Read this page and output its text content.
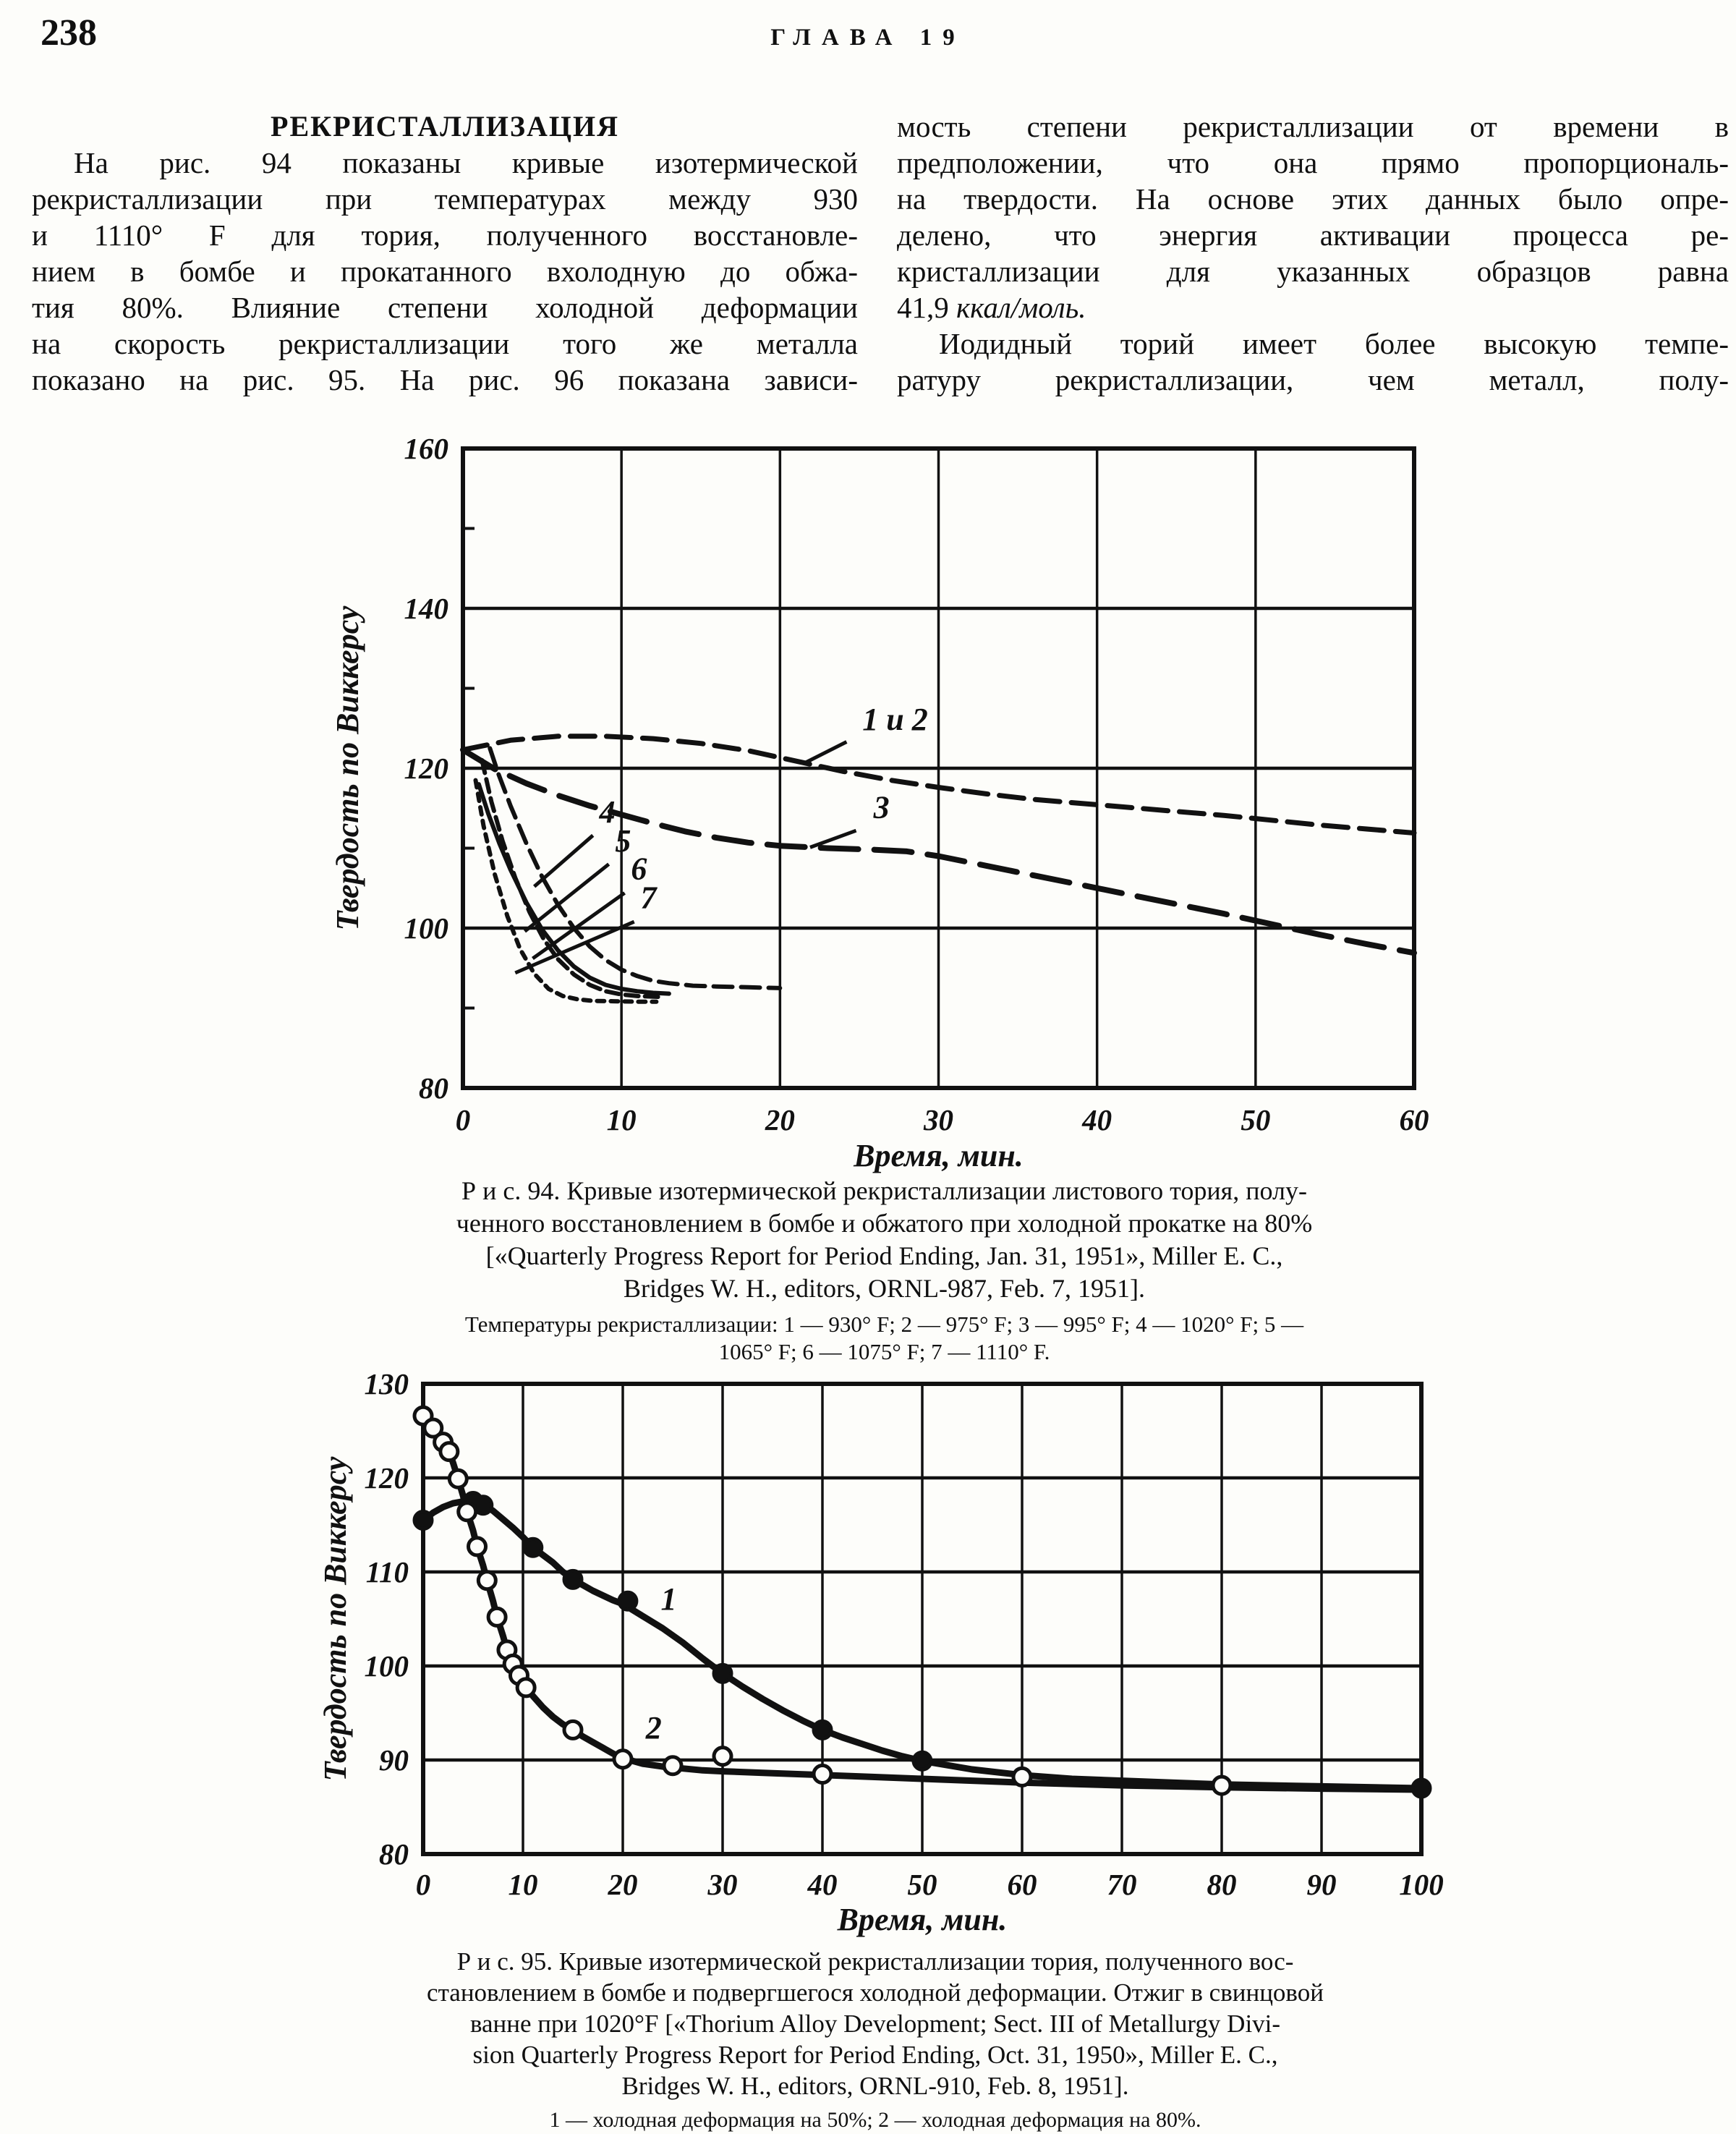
238	ГЛАВА 19
РЕКРИСТАЛЛИЗАЦИЯ
На рис. 94 показаны кривые изотермической
рекристаллизации при температурах между 930
и 1110° F для тория, полученного восстановле-
нием в бомбе и прокатанного вхолодную до обжа-
тия 80%. Влияние степени холодной деформации
на скорость рекристаллизации того же металла
показано на рис. 95. На рис. 96 показана зависи-
мость степени рекристаллизации от времени в
предположении, что она прямо пропорциональ-
на твердости. На основе этих данных было опре-
делено, что энергия активации процесса ре-
кристаллизации для указанных образцов равна
41,9 ккал/моль.
Иодидный торий имеет более высокую темпе-
ратуру рекристаллизации, чем металл, полу-
0	10	20	30	40	50	60
80
100
120
140
160
1 и 2
3
4
5
6
7
Время, мин.
Твердость по Виккерсу
Р и с. 94. Кривые изотермической рекристаллизации листового тория, полу-
ченного восстановлением в бомбе и обжатого при холодной прокатке на 80%
[«Quarterly Progress Report for Period Ending, Jan. 31, 1951», Miller E. C.,
Bridges W. H., editors, ORNL-987, Feb. 7, 1951].
Температуры рекристаллизации: 1 — 930° F; 2 — 975° F; 3 — 995° F; 4 — 1020° F; 5 —
1065° F; 6 — 1075° F; 7 — 1110° F.
0	10 20 30 40 50 60 70 80 90 100
80
90
100
110
120
130
1
2
Время, мин.
Твердость по Виккерсу
Р и с. 95. Кривые изотермической рекристаллизации тория, полученного вос-
становлением в бомбе и подвергшегося холодной деформации. Отжиг в свинцовой
ванне при 1020°F [«Thorium Alloy Development; Sect. III of Metallurgy Divi-
sion Quarterly Progress Report for Period Ending, Oct. 31, 1950», Miller E. C.,
Bridges W. H., editors, ORNL-910, Feb. 8, 1951].
1 — холодная деформация на 50%; 2 — холодная деформация на 80%.
